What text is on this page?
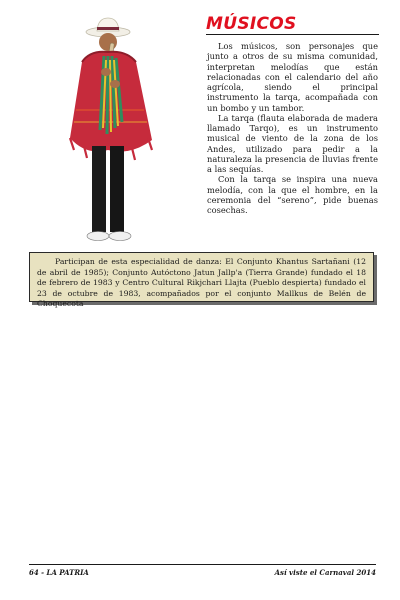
MÚSICOS

Los músicos, son personajes que junto a otros de su misma comunidad, interpretan melodías que están relacionadas con el calendario del año agrícola, siendo el principal instrumento la tarqa, acompañada con un bombo y un tambor.

La tarqa (flauta elaborada de madera llamado Tarqo), es un instrumento musical de viento de la zona de los Andes, utilizado para pedir a la naturaleza la presencia de lluvias frente a las sequías.

Con la tarqa se inspira una nueva melodía, con la que el hombre, en la ceremonia del “sereno”, pide buenas cosechas.

Participan de esta especialidad de danza: El Conjunto Khantus Sartañani (12 de abril de 1985); Conjunto Autóctono Jatun Jallp'a (Tierra Grande) fundado el 18 de febrero de 1983 y Centro Cultural Rikjchari Llajta (Pueblo despierta) fundado el 23 de octubre de 1983, acompañados por el conjunto Mallkus de Belén de Choquecota

64 - LA PATRIA	Así viste el Carnaval 2014
